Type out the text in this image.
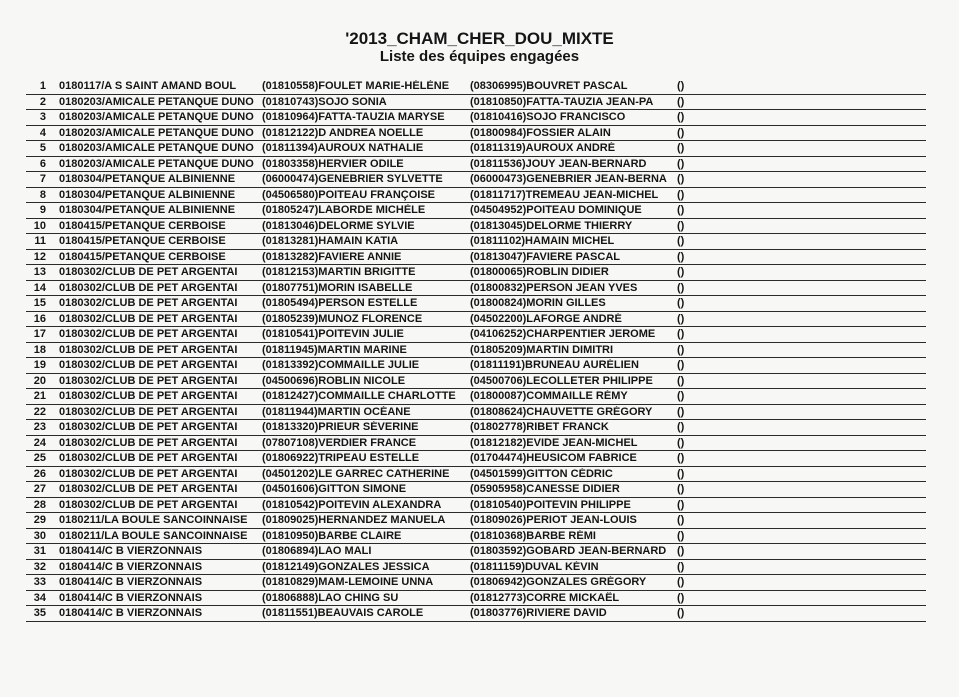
'2013_CHAM_CHER_DOU_MIXTE
Liste des équipes engagées
1 0180117/A S SAINT AMAND BOUL	(01810558)FOULET MARIE-HÉLÈNE	(08306995)BOUVRET PASCAL	()
2 0180203/AMICALE PETANQUE DUNO (01810743)SOJO SONIA	(01810850)FATTA-TAUZIA JEAN-PA	()
3 0180203/AMICALE PETANQUE DUNO (01810964)FATTA-TAUZIA MARYSE	(01810416)SOJO FRANCISCO	()
4 0180203/AMICALE PETANQUE DUNO (01812122)D ANDREA NOELLE	(01800984)FOSSIER ALAIN	()
5 0180203/AMICALE PETANQUE DUNO (01811394)AUROUX NATHALIE	(01811319)AUROUX ANDRÉ	()
6 0180203/AMICALE PETANQUE DUNO (01803358)HERVIER ODILE	(01811536)JOUY JEAN-BERNARD	()
7 0180304/PETANQUE ALBINIENNE	(06000474)GENEBRIER SYLVETTE	(06000473)GENEBRIER JEAN-BERNA ()
8 0180304/PETANQUE ALBINIENNE	(04506580)POITEAU FRANÇOISE	(01811717)TREMEAU JEAN-MICHEL	()
9 0180304/PETANQUE ALBINIENNE	(01805247)LABORDE MICHÈLE	(04504952)POITEAU DOMINIQUE	()
10 0180415/PETANQUE CERBOISE	(01813046)DELORME SYLVIE	(01813045)DELORME THIERRY	()
11 0180415/PETANQUE CERBOISE	(01813281)HAMAIN KATIA	(01811102)HAMAIN MICHEL	()
12 0180415/PETANQUE CERBOISE	(01813282)FAVIERE ANNIE	(01813047)FAVIERE PASCAL	()
13 0180302/CLUB DE PET ARGENTAI	(01812153)MARTIN BRIGITTE	(01800065)ROBLIN DIDIER	()
14 0180302/CLUB DE PET ARGENTAI	(01807751)MORIN ISABELLE	(01800832)PERSON JEAN YVES	()
15 0180302/CLUB DE PET ARGENTAI	(01805494)PERSON ESTELLE	(01800824)MORIN GILLES	()
16 0180302/CLUB DE PET ARGENTAI	(01805239)MUNOZ FLORENCE	(04502200)LAFORGE ANDRÉ	()
17 0180302/CLUB DE PET ARGENTAI	(01810541)POITEVIN JULIE	(04106252)CHARPENTIER JEROME	()
18 0180302/CLUB DE PET ARGENTAI	(01811945)MARTIN MARINE	(01805209)MARTIN DIMITRI	()
19 0180302/CLUB DE PET ARGENTAI	(01813392)COMMAILLE JULIE	(01811191)BRUNEAU AURÉLIEN	()
20 0180302/CLUB DE PET ARGENTAI	(04500696)ROBLIN NICOLE	(04500706)LECOLLETER PHILIPPE	()
21 0180302/CLUB DE PET ARGENTAI	(01812427)COMMAILLE CHARLOTTE	(01800087)COMMAILLE RÉMY	()
22 0180302/CLUB DE PET ARGENTAI	(01811944)MARTIN OCÉANE	(01808624)CHAUVETTE GRÉGORY	()
23 0180302/CLUB DE PET ARGENTAI	(01813320)PRIEUR SÉVERINE	(01802778)RIBET FRANCK	()
24 0180302/CLUB DE PET ARGENTAI	(07807108)VERDIER FRANCE	(01812182)EVIDE JEAN-MICHEL	()
25 0180302/CLUB DE PET ARGENTAI	(01806922)TRIPEAU ESTELLE	(01704474)HEUSICOM FABRICE	()
26 0180302/CLUB DE PET ARGENTAI	(04501202)LE GARREC CATHERINE	(04501599)GITTON CÉDRIC	()
27 0180302/CLUB DE PET ARGENTAI	(04501606)GITTON SIMONE	(05905958)CANESSE DIDIER	()
28 0180302/CLUB DE PET ARGENTAI	(01810542)POITEVIN ALEXANDRA	(01810540)POITEVIN PHILIPPE	()
29 0180211/LA BOULE SANCOINNAISE	(01809025)HERNANDEZ MANUELA	(01809026)PERIOT JEAN-LOUIS	()
30 0180211/LA BOULE SANCOINNAISE	(01810950)BARBE CLAIRE	(01810368)BARBE RÉMI	()
31 0180414/C B VIERZONNAIS	(01806894)LAO MALI	(01803592)GOBARD JEAN-BERNARD ()
32 0180414/C B VIERZONNAIS	(01812149)GONZALES JESSICA	(01811159)DUVAL KÉVIN	()
33 0180414/C B VIERZONNAIS	(01810829)MAM-LEMOINE UNNA	(01806942)GONZALES GRÉGORY	()
34 0180414/C B VIERZONNAIS	(01806888)LAO CHING SU	(01812773)CORRE MICKAËL	()
35 0180414/C B VIERZONNAIS	(01811551)BEAUVAIS CAROLE	(01803776)RIVIERE DAVID	()
